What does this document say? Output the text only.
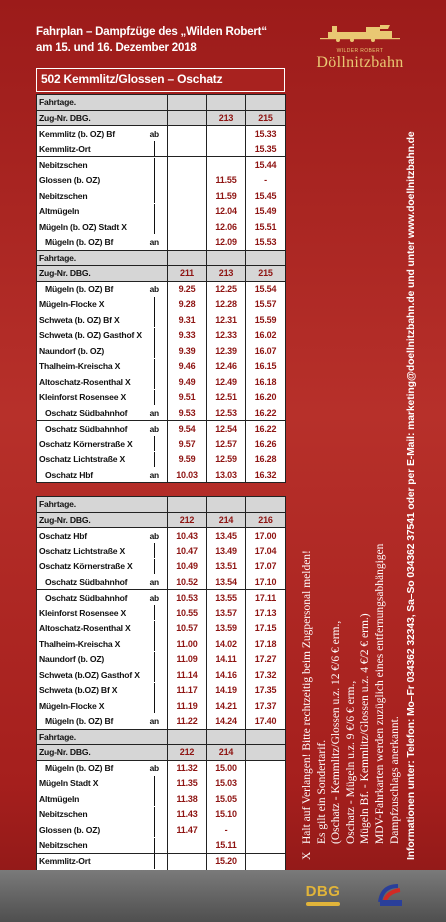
Fahrplan – Dampfzüge des „Wilden Robert“
am 15. und 16. Dezember 2018	WILDER ROBERT
Döllnitzbahn
502 Kemmlitz/Glossen – Oschatz
Fahrtage.				
Zug-Nr. DBG.			213	215
Kemmlitz (b. OZ) Bf	ab			15.33
Kemmlitz-Ort				15.35
Nebitzschen				15.44
Glossen (b. OZ)			11.55	-
Nebitzschen			11.59	15.45
Altmügeln			12.04	15.49
Mügeln (b. OZ) Stadt X			12.06	15.51
Mügeln (b. OZ) Bf	an		12.09	15.53
Fahrtage.				
Zug-Nr. DBG.		211	213	215
Mügeln (b. OZ) Bf	ab	9.25	12.25	15.54
Mügeln-Flocke X		9.28	12.28	15.57
Schweta (b. OZ) Bf X		9.31	12.31	15.59
Schweta (b. OZ) Gasthof X		9.33	12.33	16.02
Naundorf (b. OZ)		9.39	12.39	16.07
Thalheim-Kreischa X		9.46	12.46	16.15
Altoschatz-Rosenthal X		9.49	12.49	16.18
Kleinforst Rosensee X		9.51	12.51	16.20
Oschatz Südbahnhof	an	9.53	12.53	16.22
Oschatz Südbahnhof	ab	9.54	12.54	16.22
Oschatz Körnerstraße X		9.57	12.57	16.26
Oschatz Lichtstraße X		9.59	12.59	16.28
Oschatz Hbf	an	10.03	13.03	16.32
Fahrtage.				
Zug-Nr. DBG.		212	214	216
Oschatz Hbf	ab	10.43	13.45	17.00
Oschatz Lichtstraße X		10.47	13.49	17.04
Oschatz Körnerstraße X		10.49	13.51	17.07
Oschatz Südbahnhof	an	10.52	13.54	17.10
Oschatz Südbahnhof	ab	10.53	13.55	17.11
Kleinforst Rosensee X		10.55	13.57	17.13
Altoschatz-Rosenthal X		10.57	13.59	17.15
Thalheim-Kreischa X		11.00	14.02	17.18
Naundorf (b. OZ)		11.09	14.11	17.27
Schweta (b.OZ) Gasthof X		11.14	14.16	17.32
Schweta (b.OZ) Bf X		11.17	14.19	17.35
Mügeln-Flocke X		11.19	14.21	17.37
Mügeln (b. OZ) Bf	an	11.22	14.24	17.40
Fahrtage.				
Zug-Nr. DBG.		212	214	
Mügeln (b. OZ) Bf	ab	11.32	15.00	
Mügeln Stadt X		11.35	15.03	
Altmügeln		11.38	15.05	
Nebitzschen		11.43	15.10	
Glossen (b. OZ)		11.47	-	
Nebitzschen			15.11	
Kemmlitz-Ort			15.20	

XHalt auf Verlangen! Bitte rechtzeitig beim Zugpersonal melden! Es gilt ein Sondertarif. (Oschatz - Kemmlitz/Glossen u.z. 12 €/6 € erm., Oschatz - Mügeln u.z. 9 €/6 € erm., Mügeln Bf. - Kemmlitz/Glossen u.z. 4 €/2 € erm.) MDV-Fahrkarten werden zuzüglich eines entfernungsabhängigen Dampfzuschlags anerkannt. Informationen unter: Telefon: Mo–Fr 034362 32343, Sa–So 034362 37541 oder per E-Mail: marketing@doellnitzbahn.de und unter www.doellnitzbahn.de
DBG
